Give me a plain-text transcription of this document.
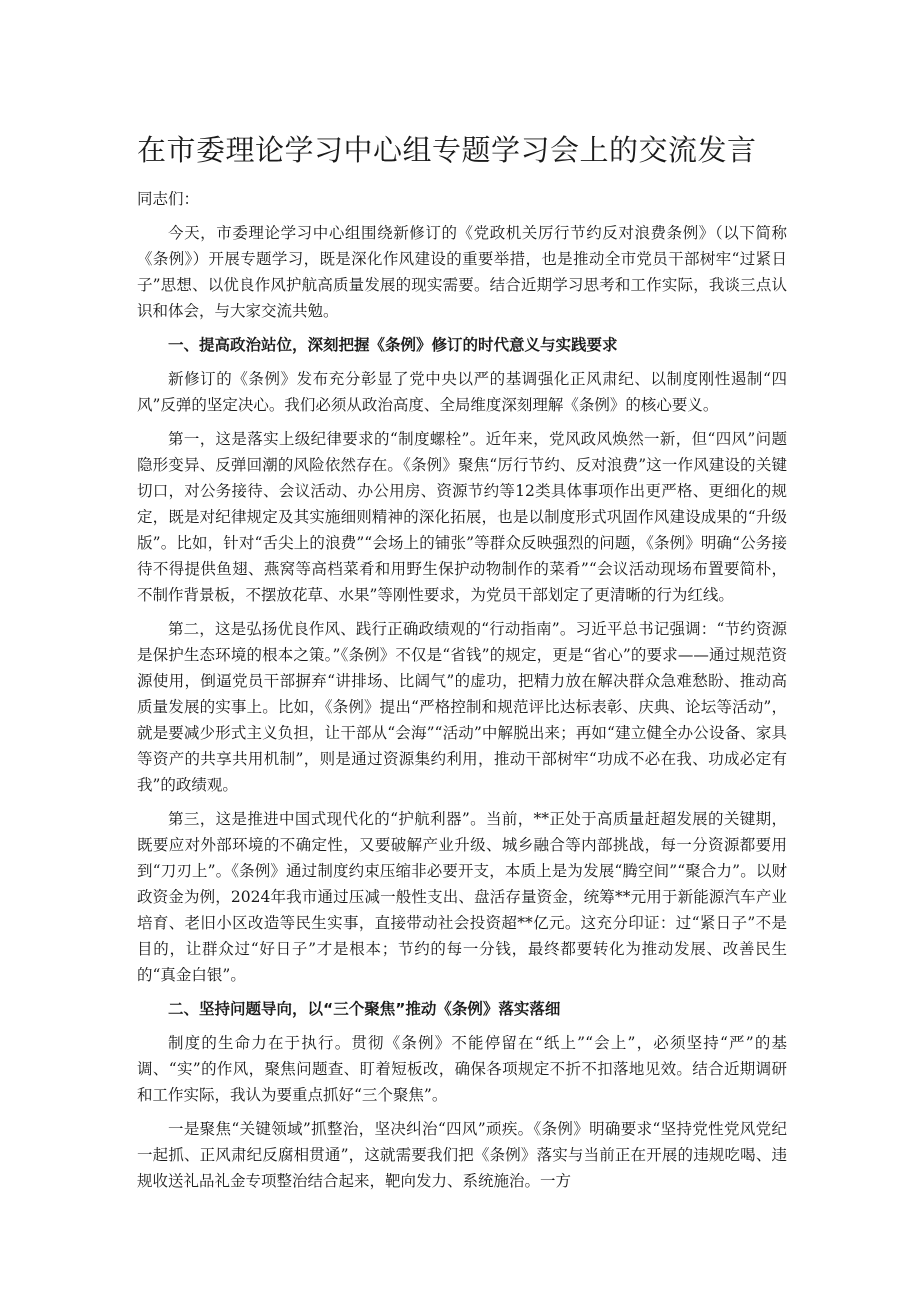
在市委理论学习中心组专题学习会上的交流发言

同志们：

今天，市委理论学习中心组围绕新修订的《党政机关厉行节约反对浪费条例》（以下简称《条例》）开展专题学习，既是深化作风建设的重要举措，也是推动全市党员干部树牢“过紧日子”思想、以优良作风护航高质量发展的现实需要。结合近期学习思考和工作实际，我谈三点认识和体会，与大家交流共勉。

一、提高政治站位，深刻把握《条例》修订的时代意义与实践要求

新修订的《条例》发布充分彰显了党中央以严的基调强化正风肃纪、以制度刚性遏制“四风”反弹的坚定决心。我们必须从政治高度、全局维度深刻理解《条例》的核心要义。

第一，这是落实上级纪律要求的“制度螺栓”。近年来，党风政风焕然一新，但“四风”问题隐形变异、反弹回潮的风险依然存在。《条例》聚焦“厉行节约、反对浪费”这一作风建设的关键切口，对公务接待、会议活动、办公用房、资源节约等12类具体事项作出更严格、更细化的规定，既是对纪律规定及其实施细则精神的深化拓展，也是以制度形式巩固作风建设成果的“升级版”。比如，针对“舌尖上的浪费”“会场上的铺张”等群众反映强烈的问题，《条例》明确“公务接待不得提供鱼翅、燕窝等高档菜肴和用野生保护动物制作的菜肴”“会议活动现场布置要简朴，不制作背景板，不摆放花草、水果”等刚性要求，为党员干部划定了更清晰的行为红线。

第二，这是弘扬优良作风、践行正确政绩观的“行动指南”。习近平总书记强调：“节约资源是保护生态环境的根本之策。”《条例》不仅是“省钱”的规定，更是“省心”的要求——通过规范资源使用，倒逼党员干部摒弃“讲排场、比阔气”的虚功，把精力放在解决群众急难愁盼、推动高质量发展的实事上。比如，《条例》提出“严格控制和规范评比达标表彰、庆典、论坛等活动”，就是要减少形式主义负担，让干部从“会海”“活动”中解脱出来；再如“建立健全办公设备、家具等资产的共享共用机制”，则是通过资源集约利用，推动干部树牢“功成不必在我、功成必定有我”的政绩观。

第三，这是推进中国式现代化的“护航利器”。当前，**正处于高质量赶超发展的关键期，既要应对外部环境的不确定性，又要破解产业升级、城乡融合等内部挑战，每一分资源都要用到“刀刃上”。《条例》通过制度约束压缩非必要开支，本质上是为发展“腾空间”“聚合力”。以财政资金为例，2024年我市通过压减一般性支出、盘活存量资金，统筹**元用于新能源汽车产业培育、老旧小区改造等民生实事，直接带动社会投资超**亿元。这充分印证：过“紧日子”不是目的，让群众过“好日子”才是根本；节约的每一分钱，最终都要转化为推动发展、改善民生的“真金白银”。

二、坚持问题导向，以“三个聚焦”推动《条例》落实落细

制度的生命力在于执行。贯彻《条例》不能停留在“纸上”“会上”，必须坚持“严”的基调、“实”的作风，聚焦问题查、盯着短板改，确保各项规定不折不扣落地见效。结合近期调研和工作实际，我认为要重点抓好“三个聚焦”。

一是聚焦“关键领域”抓整治，坚决纠治“四风”顽疾。《条例》明确要求“坚持党性党风党纪一起抓、正风肃纪反腐相贯通”，这就需要我们把《条例》落实与当前正在开展的违规吃喝、违规收送礼品礼金专项整治结合起来，靶向发力、系统施治。一方
